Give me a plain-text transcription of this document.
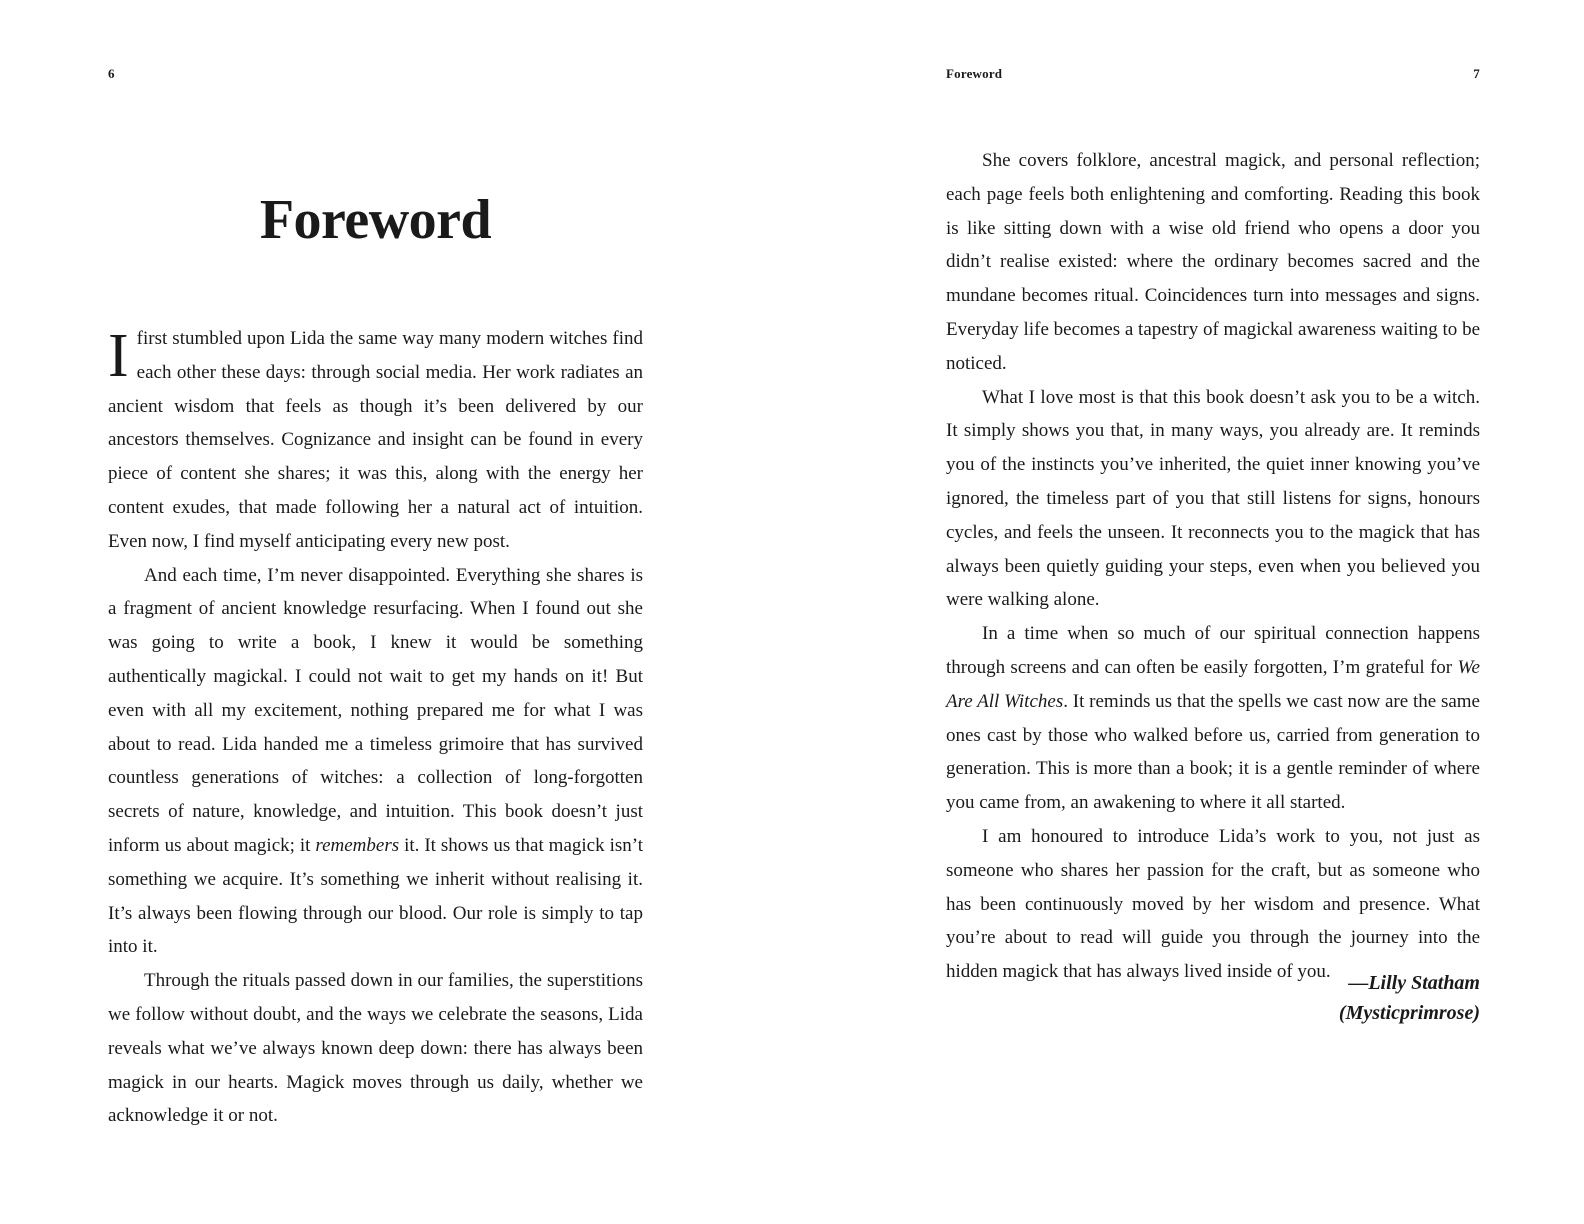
6
Foreword

Ifirst stumbled upon Lida the same way many modern witches find each other these days: through social media. Her work radiates an ancient wisdom that feels as though it’s been delivered by our ancestors themselves. Cognizance and insight can be found in every piece of content she shares; it was this, along with the energy her content exudes, that made following her a natural act of intuition. Even now, I find myself anticipating every new post.

And each time, I’m never disappointed. Everything she shares is a fragment of ancient knowledge resurfacing. When I found out she was going to write a book, I knew it would be something authentically magickal. I could not wait to get my hands on it! But even with all my excitement, nothing prepared me for what I was about to read. Lida handed me a timeless grimoire that has survived countless generations of witches: a collection of long-forgotten secrets of nature, knowledge, and intuition. This book doesn’t just inform us about magick; it remembers it. It shows us that magick isn’t something we acquire. It’s something we inherit without realising it. It’s always been flowing through our blood. Our role is simply to tap into it.

Through the rituals passed down in our families, the superstitions we follow without doubt, and the ways we celebrate the seasons, Lida reveals what we’ve always known deep down: there has always been magick in our hearts. Magick moves through us daily, whether we acknowledge it or not.

Foreword	7

She covers folklore, ancestral magick, and personal reflection; each page feels both enlightening and comforting. Reading this book is like sitting down with a wise old friend who opens a door you didn’t realise existed: where the ordinary becomes sacred and the mundane becomes ritual. Coincidences turn into messages and signs. Everyday life becomes a tapestry of magickal awareness waiting to be noticed.

What I love most is that this book doesn’t ask you to be a witch. It simply shows you that, in many ways, you already are. It reminds you of the instincts you’ve inherited, the quiet inner knowing you’ve ignored, the timeless part of you that still listens for signs, honours cycles, and feels the unseen. It reconnects you to the magick that has always been quietly guiding your steps, even when you believed you were walking alone.

In a time when so much of our spiritual connection happens through screens and can often be easily forgotten, I’m grateful for We Are All Witches. It reminds us that the spells we cast now are the same ones cast by those who walked before us, carried from generation to generation. This is more than a book; it is a gentle reminder of where you came from, an awakening to where it all started.

I am honoured to introduce Lida’s work to you, not just as someone who shares her passion for the craft, but as someone who has been continuously moved by her wisdom and presence. What you’re about to read will guide you through the journey into the hidden magick that has always lived inside of you.

—Lilly Statham
(Mysticprimrose)
